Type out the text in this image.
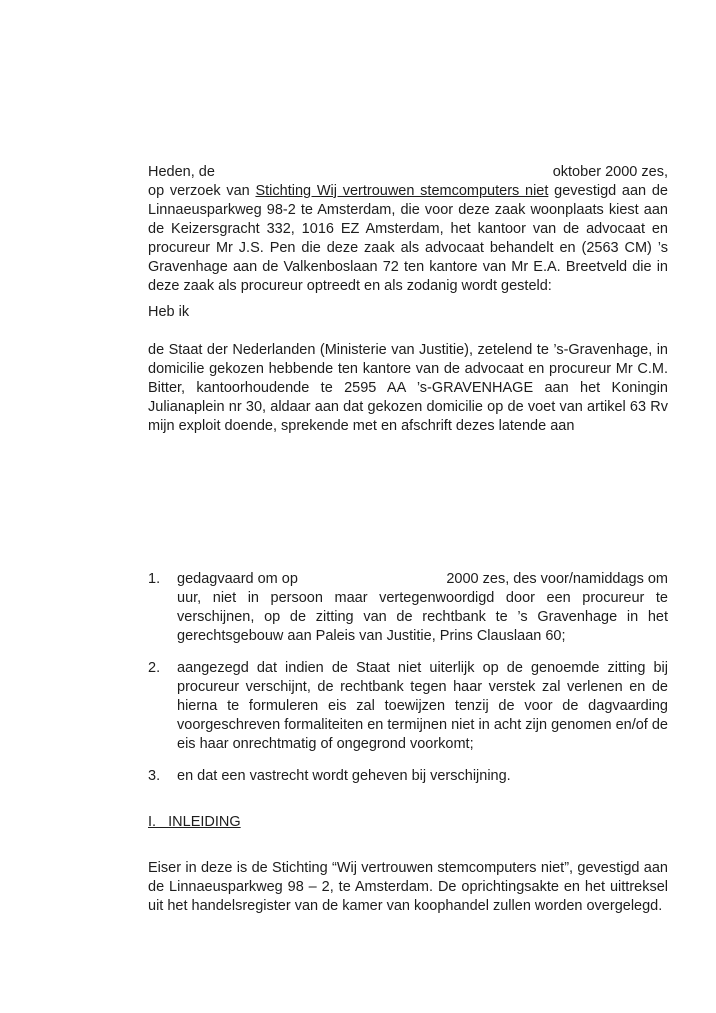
Heden, de	oktober 2000 zes,

op verzoek van Stichting Wij vertrouwen stemcomputers niet gevestigd aan de Linnaeusparkweg 98-2 te Amsterdam, die voor deze zaak woonplaats kiest aan de Keizersgracht 332, 1016 EZ Amsterdam, het kantoor van de advocaat en procureur Mr J.S. Pen die deze zaak als advocaat behandelt en (2563 CM) ’s Gravenhage aan de Valkenboslaan 72 ten kantore van Mr E.A. Breetveld die in deze zaak als procureur optreedt en als zodanig wordt gesteld:

Heb ik

de Staat der Nederlanden (Ministerie van Justitie), zetelend te ’s-Gravenhage, in domicilie gekozen hebbende ten kantore van de advocaat en procureur Mr C.M. Bitter, kantoorhoudende te 2595 AA ’s-GRAVENHAGE aan het Koningin Julianaplein nr 30, aldaar aan dat gekozen domicilie op de voet van artikel 63 Rv mijn exploit doende, sprekende met en afschrift dezes latende aan

1.	gedagvaard om op	2000 zes, des voor/namiddags om
uur, niet in persoon maar vertegenwoordigd door een procureur te verschijnen, op de zitting van de rechtbank te ’s Gravenhage in het gerechtsgebouw aan Paleis van Justitie, Prins Clauslaan 60;
2.	aangezegd dat indien de Staat niet uiterlijk op de genoemde zitting bij procureur verschijnt, de rechtbank tegen haar verstek zal verlenen en de hierna te formuleren eis zal toewijzen tenzij de voor de dagvaarding voorgeschreven formaliteiten en termijnen niet in acht zijn genomen en/of de eis haar onrechtmatig of ongegrond voorkomt;
3.	en dat een vastrecht wordt geheven bij verschijning.

I.   INLEIDING

Eiser in deze is de Stichting “Wij vertrouwen stemcomputers niet”, gevestigd aan de Linnaeusparkweg 98 – 2, te Amsterdam. De oprichtingsakte en het uittreksel uit het handelsregister van de kamer van koophandel zullen worden overgelegd.
